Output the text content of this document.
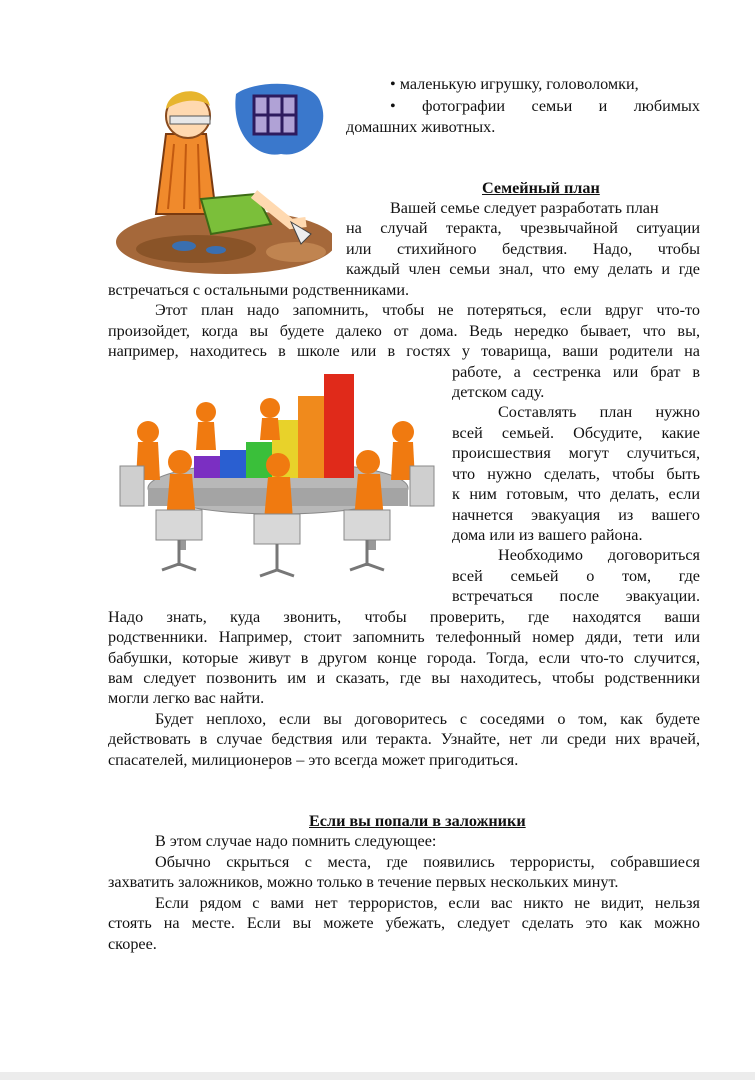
• маленькую игрушку, головоломки,
• фотографии семьи и любимых
домашних животных.
Семейный план
Вашей семье следует разработать план
на случай теракта, чрезвычайной ситуации
или стихийного бедствия. Надо, чтобы
каждый член семьи знал, что ему делать и где
встречаться с остальными родственниками.
Этот план надо запомнить, чтобы не потеряться, если вдруг что-то
произойдет, когда вы будете далеко от дома. Ведь нередко бывает, что вы,
например, находитесь в школе или в гостях у товарища, ваши родители на
работе, а сестренка или брат в
детском саду.
Составлять план нужно
всей семьей. Обсудите, какие
происшествия могут случиться,
что нужно сделать, чтобы быть
к ним готовым, что делать, если
начнется эвакуация из вашего
дома или из вашего района.
Необходимо договориться
всей семьей о том, где
встречаться после эвакуации.
Надо знать, куда звонить, чтобы проверить, где находятся ваши
родственники. Например, стоит запомнить телефонный номер дяди, тети или
бабушки, которые живут в другом конце города. Тогда, если что-то случится,
вам следует позвонить им и сказать, где вы находитесь, чтобы родственники
могли легко вас найти.
Будет неплохо, если вы договоритесь с соседями о том, как будете
действовать в случае бедствия или теракта. Узнайте, нет ли среди них врачей,
спасателей, милиционеров – это всегда может пригодиться.
Если вы попали в заложники
В этом случае надо помнить следующее:
Обычно скрыться с места, где появились террористы, собравшиеся
захватить заложников, можно только в течение первых нескольких минут.
Если рядом с вами нет террористов, если вас никто не видит, нельзя
стоять на месте. Если вы можете убежать, следует сделать это как можно
скорее.
